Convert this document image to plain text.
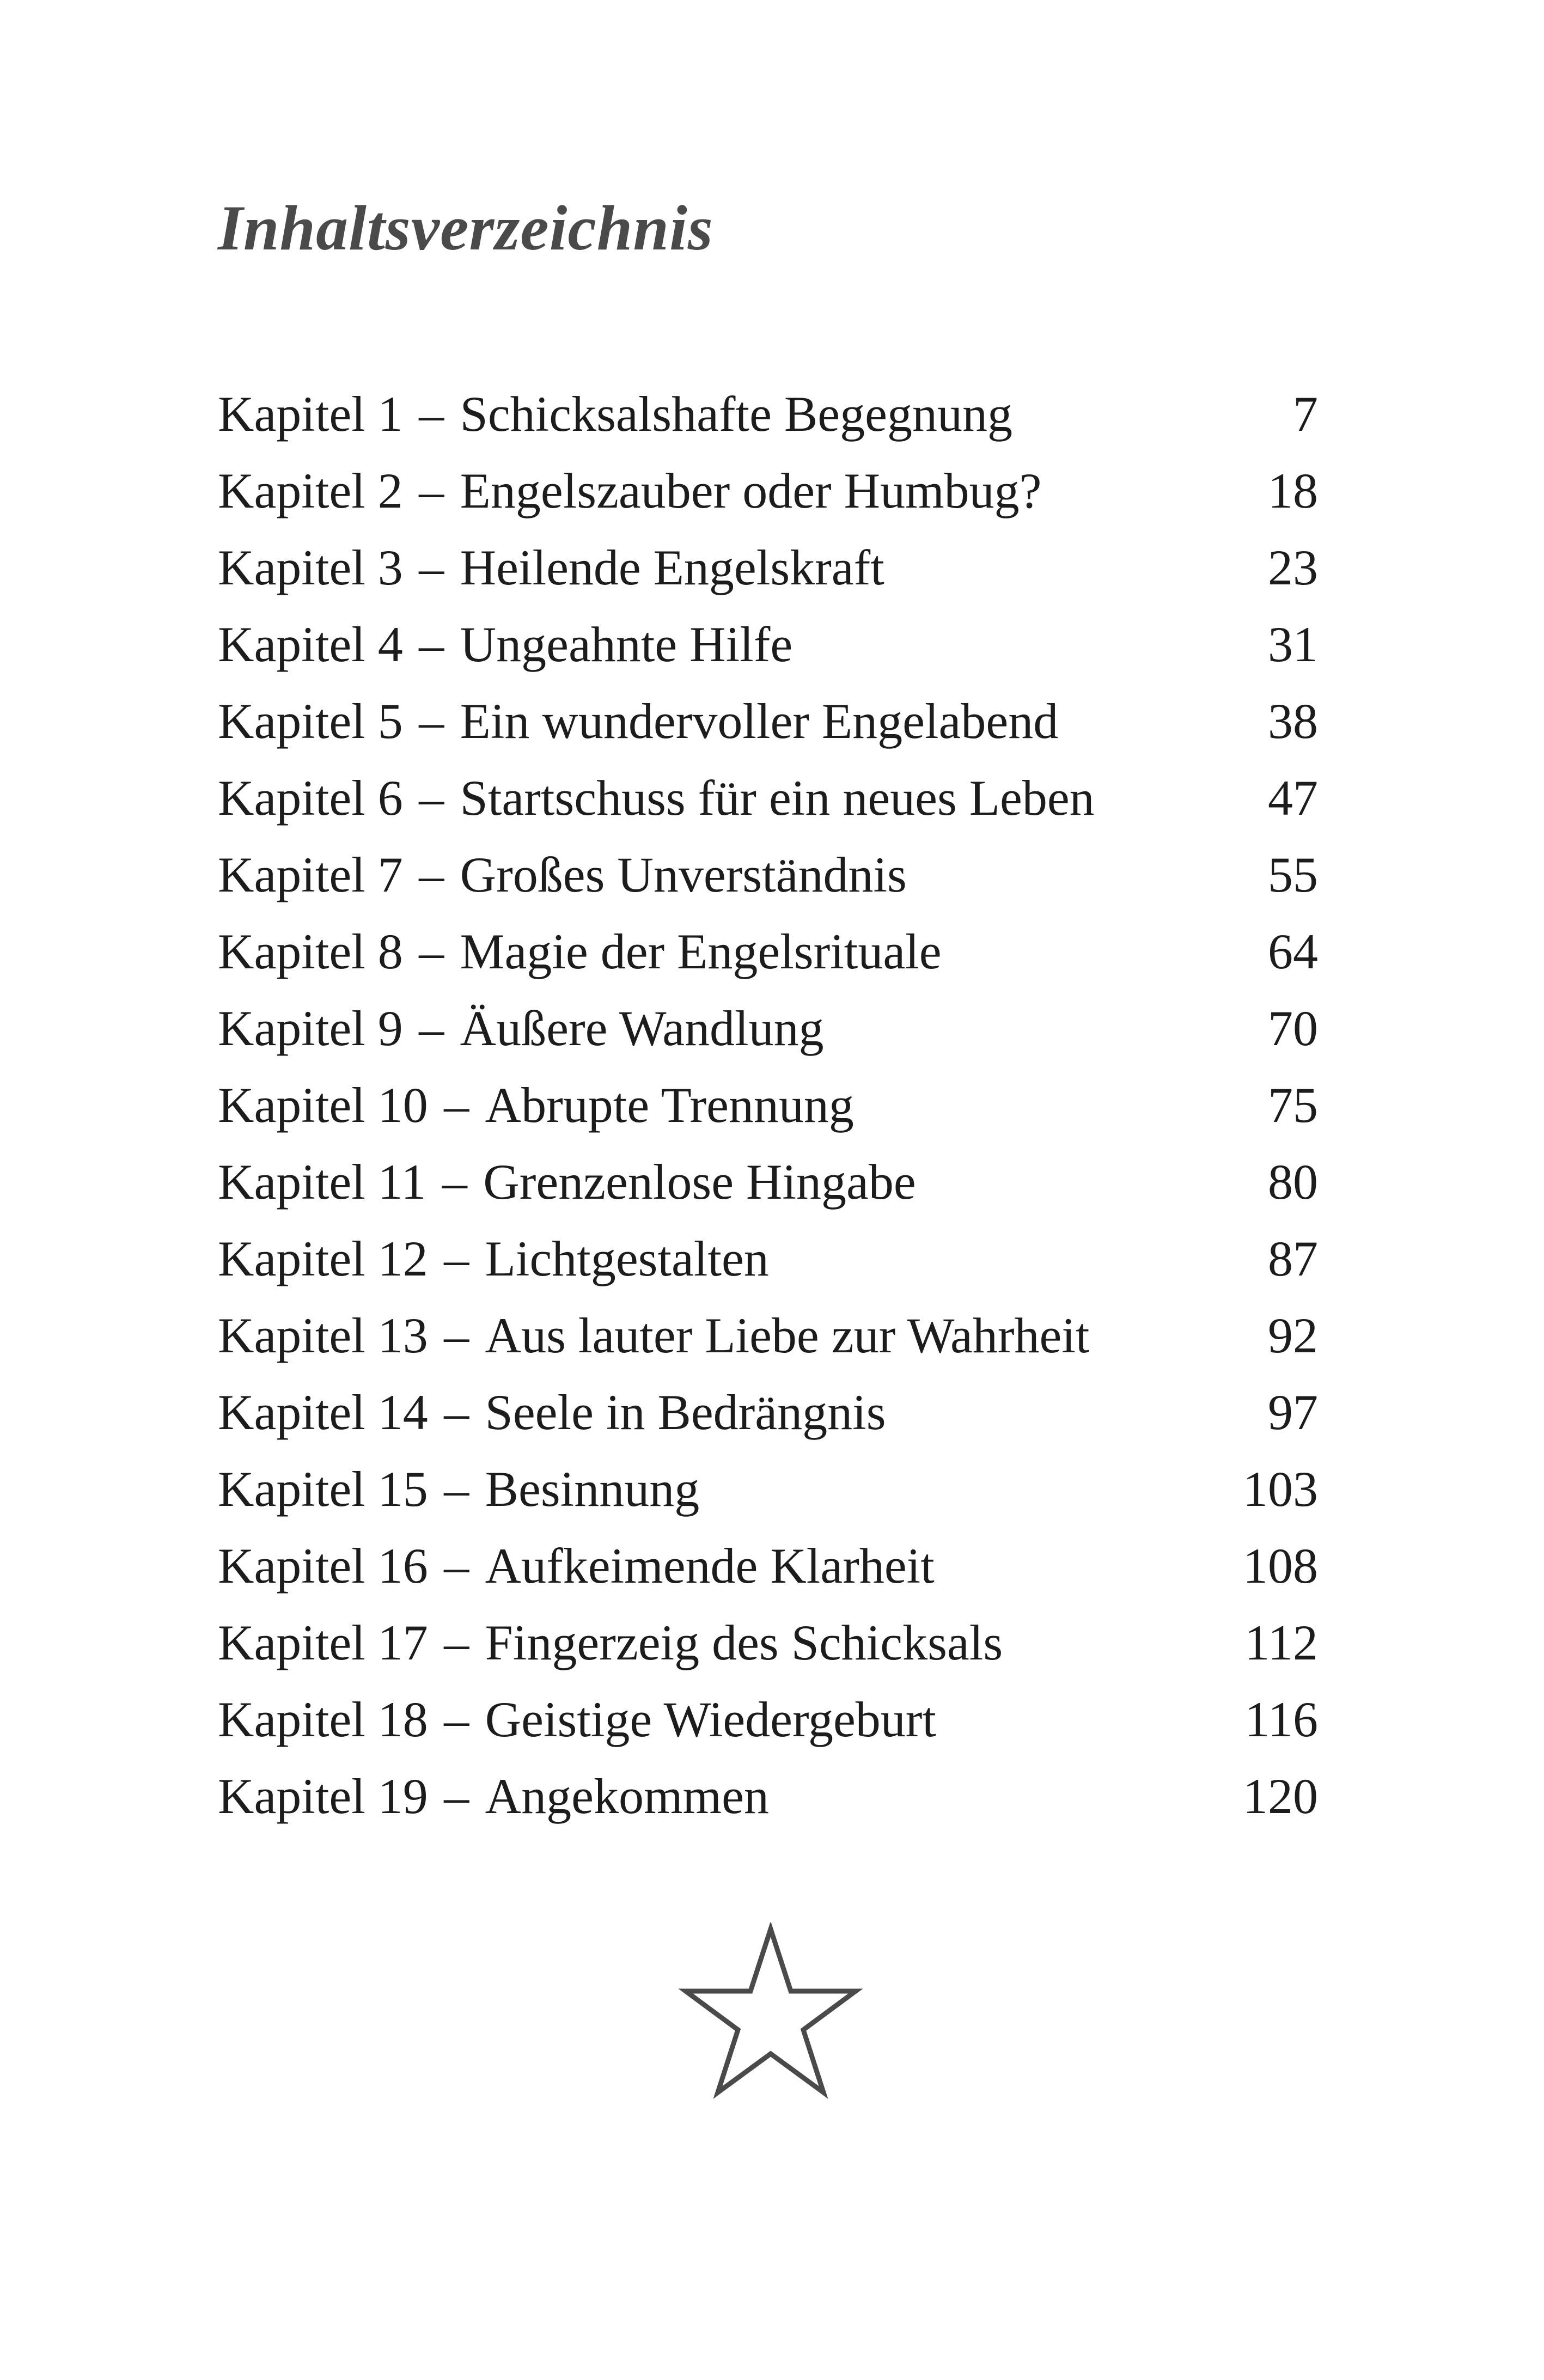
Inhaltsverzeichnis
Kapitel 1 – Schicksalshafte Begegnung	7
Kapitel 2 – Engelszauber oder Humbug?	18
Kapitel 3 – Heilende Engelskraft	23
Kapitel 4 – Ungeahnte Hilfe	31
Kapitel 5 – Ein wundervoller Engelabend	38
Kapitel 6 – Startschuss für ein neues Leben	47
Kapitel 7 – Großes Unverständnis	55
Kapitel 8 – Magie der Engelsrituale	64
Kapitel 9 – Äußere Wandlung	70
Kapitel 10 – Abrupte Trennung	75
Kapitel 11 – Grenzenlose Hingabe	80
Kapitel 12 – Lichtgestalten	87
Kapitel 13 – Aus lauter Liebe zur Wahrheit	92
Kapitel 14 – Seele in Bedrängnis	97
Kapitel 15 – Besinnung	103
Kapitel 16 – Aufkeimende Klarheit	108
Kapitel 17 – Fingerzeig des Schicksals	112
Kapitel 18 – Geistige Wiedergeburt	116
Kapitel 19 – Angekommen	120
